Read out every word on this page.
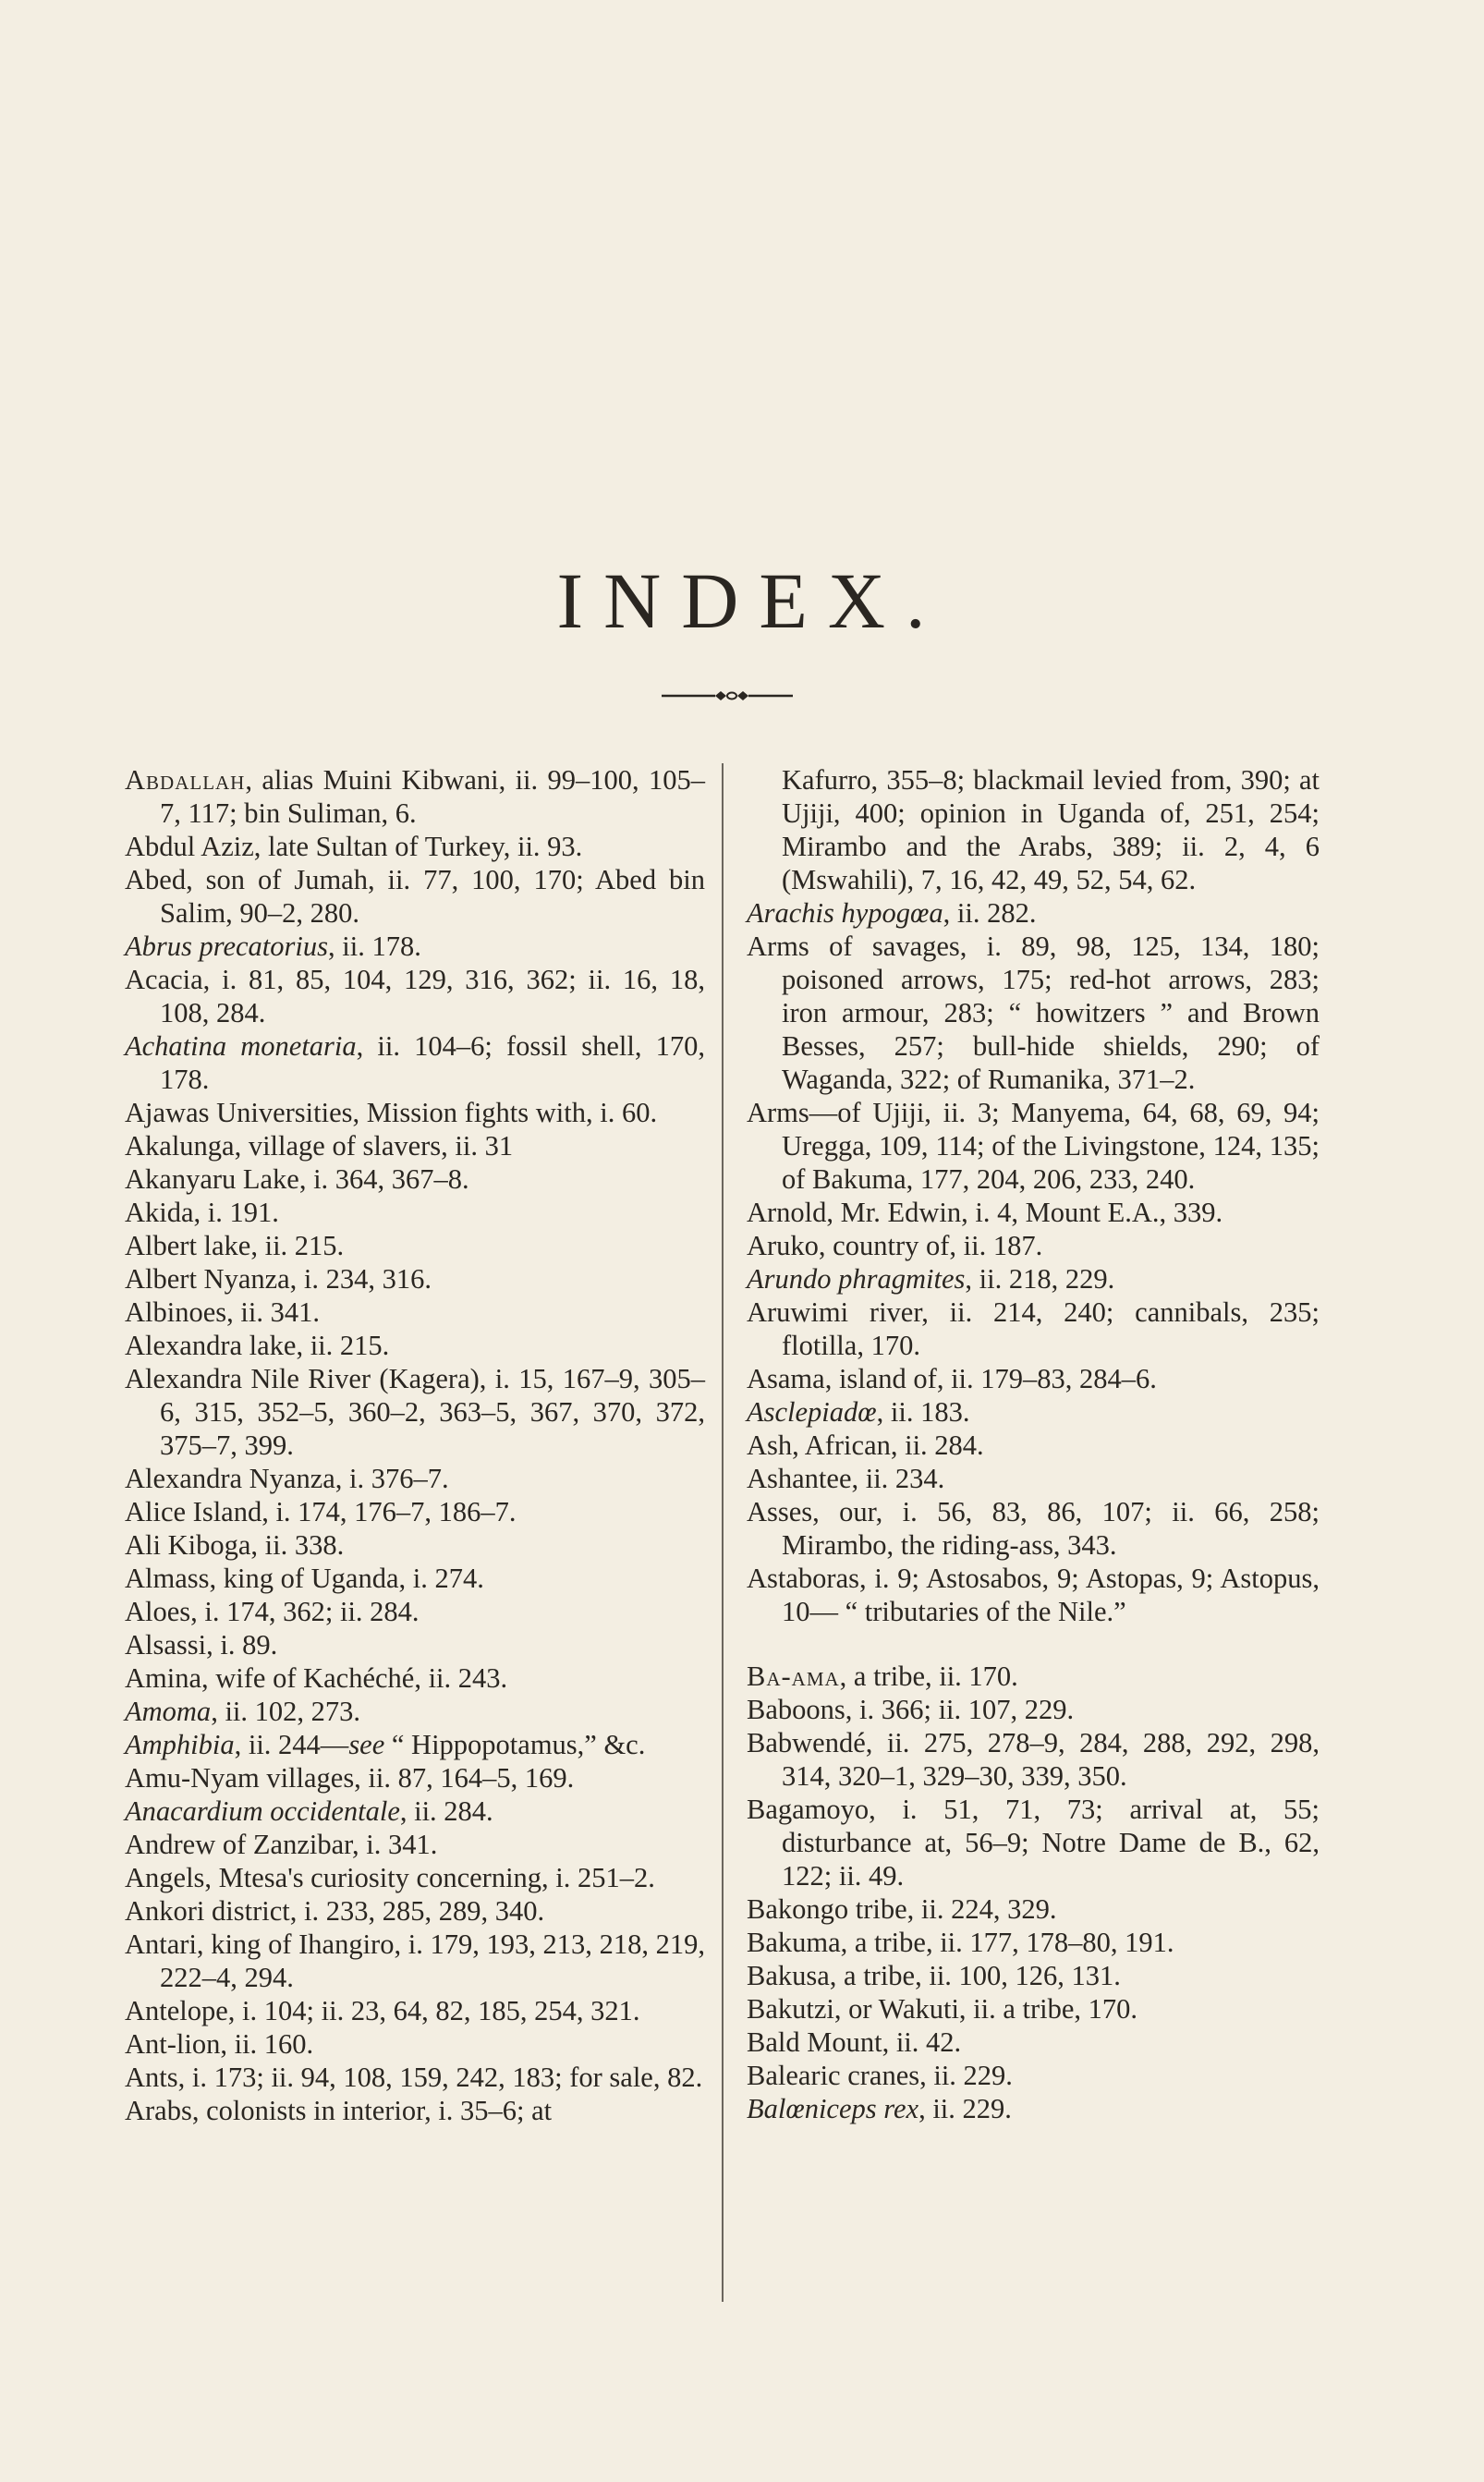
INDEX.

Abdallah, alias Muini Kibwani, ii. 99–100, 105–7, 117; bin Suliman, 6.

Abdul Aziz, late Sultan of Turkey, ii. 93.

Abed, son of Jumah, ii. 77, 100, 170; Abed bin Salim, 90–2, 280.

Abrus precatorius, ii. 178.

Acacia, i. 81, 85, 104, 129, 316, 362; ii. 16, 18, 108, 284.

Achatina monetaria, ii. 104–6; fossil shell, 170, 178.

Ajawas Universities, Mission fights with, i. 60.

Akalunga, village of slavers, ii. 31

Akanyaru Lake, i. 364, 367–8.

Akida, i. 191.

Albert lake, ii. 215.

Albert Nyanza, i. 234, 316.

Albinoes, ii. 341.

Alexandra lake, ii. 215.

Alexandra Nile River (Kagera), i. 15, 167–9, 305–6, 315, 352–5, 360–2, 363–5, 367, 370, 372, 375–7, 399.

Alexandra Nyanza, i. 376–7.

Alice Island, i. 174, 176–7, 186–7.

Ali Kiboga, ii. 338.

Almass, king of Uganda, i. 274.

Aloes, i. 174, 362; ii. 284.

Alsassi, i. 89.

Amina, wife of Kachéché, ii. 243.

Amoma, ii. 102, 273.

Amphibia, ii. 244—see “ Hippopotamus,” &c.

Amu-Nyam villages, ii. 87, 164–5, 169.

Anacardium occidentale, ii. 284.

Andrew of Zanzibar, i. 341.

Angels, Mtesa's curiosity concerning, i. 251–2.

Ankori district, i. 233, 285, 289, 340.

Antari, king of Ihangiro, i. 179, 193, 213, 218, 219, 222–4, 294.

Antelope, i. 104; ii. 23, 64, 82, 185, 254, 321.

Ant-lion, ii. 160.

Ants, i. 173; ii. 94, 108, 159, 242, 183; for sale, 82.

Arabs, colonists in interior, i. 35–6; at

Kafurro, 355–8; blackmail levied from, 390; at Ujiji, 400; opinion in Uganda of, 251, 254; Mirambo and the Arabs, 389; ii. 2, 4, 6 (Mswahili), 7, 16, 42, 49, 52, 54, 62.

Arachis hypogœa, ii. 282.

Arms of savages, i. 89, 98, 125, 134, 180; poisoned arrows, 175; red-hot arrows, 283; iron armour, 283; “ howitzers ” and Brown Besses, 257; bull-hide shields, 290; of Waganda, 322; of Rumanika, 371–2.

Arms—of Ujiji, ii. 3; Manyema, 64, 68, 69, 94; Uregga, 109, 114; of the Livingstone, 124, 135; of Bakuma, 177, 204, 206, 233, 240.

Arnold, Mr. Edwin, i. 4, Mount E.A., 339.

Aruko, country of, ii. 187.

Arundo phragmites, ii. 218, 229.

Aruwimi river, ii. 214, 240; cannibals, 235; flotilla, 170.

Asama, island of, ii. 179–83, 284–6.

Asclepiadœ, ii. 183.

Ash, African, ii. 284.

Ashantee, ii. 234.

Asses, our, i. 56, 83, 86, 107; ii. 66, 258; Mirambo, the riding-ass, 343.

Astaboras, i. 9; Astosabos, 9; Astopas, 9; Astopus, 10— “ tributaries of the Nile.”

Ba-ama, a tribe, ii. 170.

Baboons, i. 366; ii. 107, 229.

Babwendé, ii. 275, 278–9, 284, 288, 292, 298, 314, 320–1, 329–30, 339, 350.

Bagamoyo, i. 51, 71, 73; arrival at, 55; disturbance at, 56–9; Notre Dame de B., 62, 122; ii. 49.

Bakongo tribe, ii. 224, 329.

Bakuma, a tribe, ii. 177, 178–80, 191.

Bakusa, a tribe, ii. 100, 126, 131.

Bakutzi, or Wakuti, ii. a tribe, 170.

Bald Mount, ii. 42.

Balearic cranes, ii. 229.

Balœniceps rex, ii. 229.
